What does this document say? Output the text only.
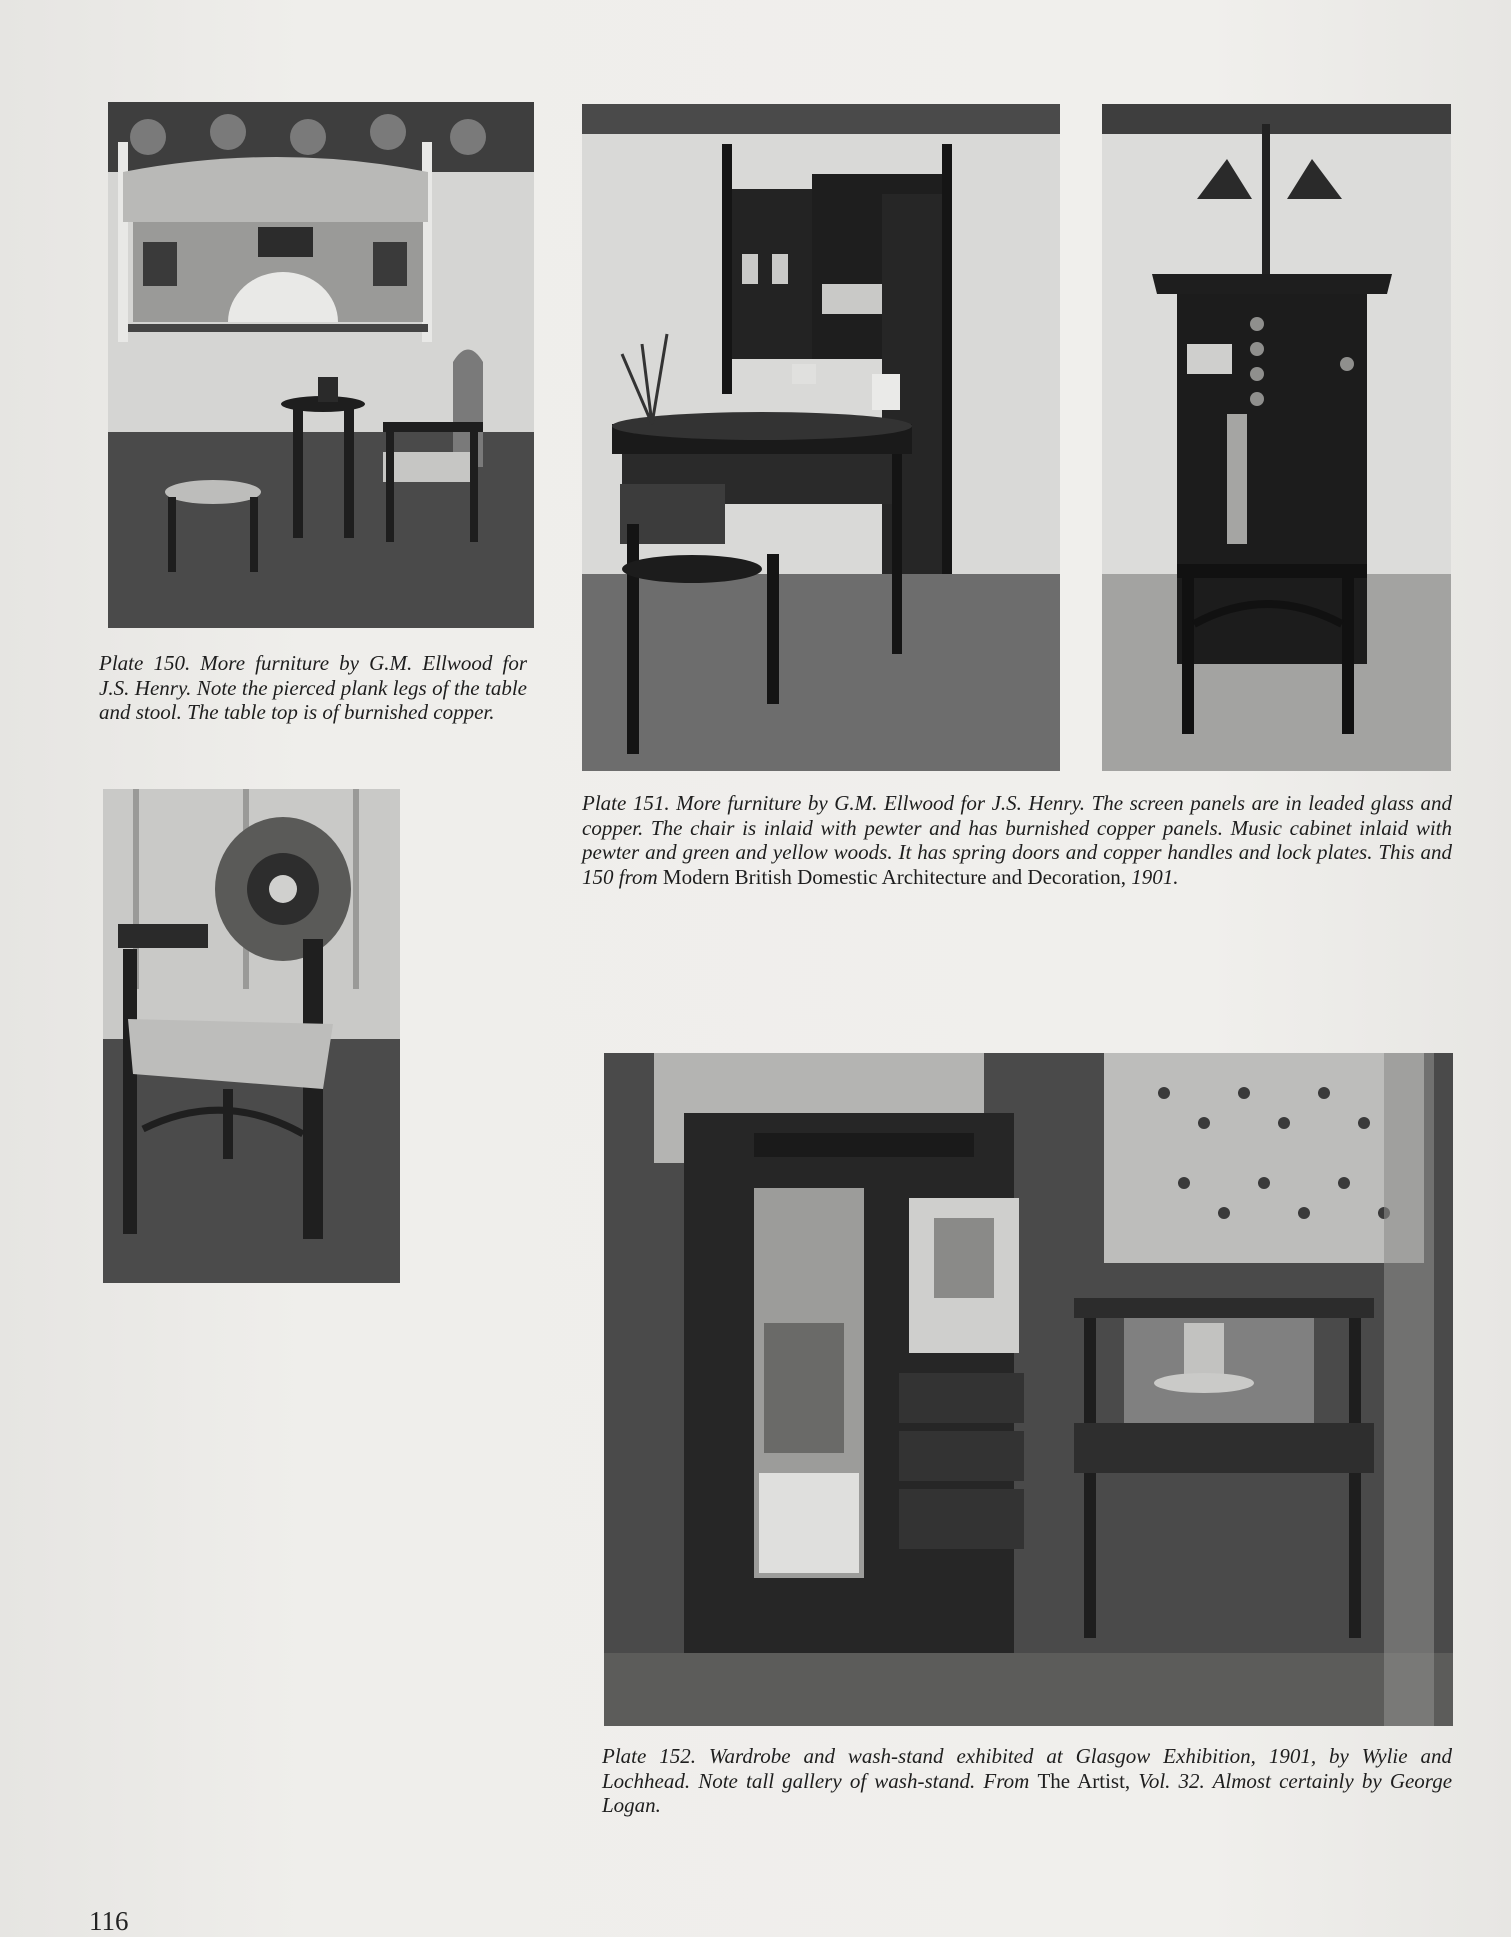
Plate 150. More furniture by G.M. Ellwood for J.S. Henry. Note the pierced plank legs of the table and stool. The table top is of burnished copper.

Plate 151. More furniture by G.M. Ellwood for J.S. Henry. The screen panels are in leaded glass and copper. The chair is inlaid with pewter and has burnished copper panels. Music cabinet inlaid with pewter and green and yellow woods. It has spring doors and copper handles and lock plates. This and 150 from Modern British Domestic Architecture and Decoration, 1901.

Plate 152. Wardrobe and wash-stand exhibited at Glasgow Exhibition, 1901, by Wylie and Lochhead. Note tall gallery of wash-stand. From The Artist, Vol. 32. Almost certainly by George Logan.

116
